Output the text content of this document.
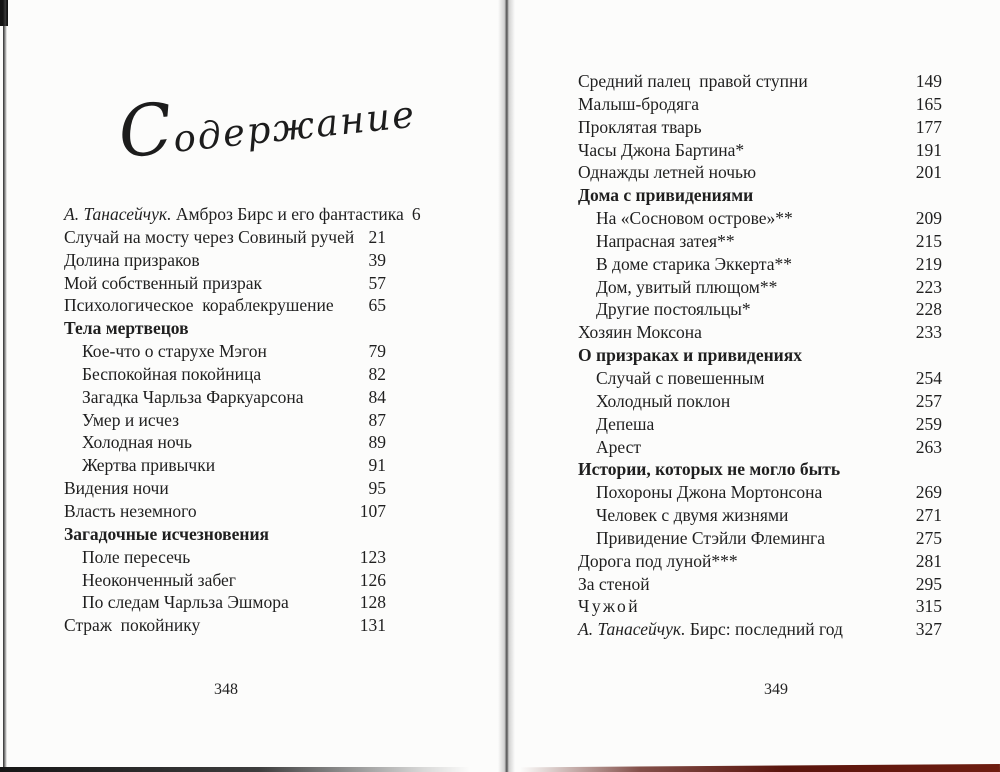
Содержание
А. Танасейчук. Амброз Бирс и его фантастика 6
Случай на мосту через Совиный ручей 21
Долина призраков	39
Мой собственный призрак	57
Психологическое  кораблекрушение	65
Тела мертвецов
Кое-что о старухе Мэгон	79
Беспокойная покойница	82
Загадка Чарльза Фаркуарсона	84
Умер и исчез	87
Холодная ночь	89
Жертва привычки	91
Видения ночи	95
Власть неземного	107
Загадочные исчезновения
Поле пересечь	123
Неоконченный забег	126
По следам Чарльза Эшмора	128
Страж  покойнику	131
348
Средний палец  правой ступни	149
Малыш-бродяга	165
Проклятая тварь	177
Часы Джона Бартина*	191
Однажды летней ночью	201
Дома с привидениями
На «Сосновом острове»**	209
Напрасная затея**	215
В доме старика Эккерта**	219
Дом, увитый плющом**	223
Другие постояльцы*	228
Хозяин Моксона	233
О призраках и привидениях
Случай с повешенным	254
Холодный поклон	257
Депеша	259
Арест	263
Истории, которых не могло быть
Похороны Джона Мортонсона	269
Человек с двумя жизнями	271
Привидение Стэйли Флеминга	275
Дорога под луной***	281
За стеной	295
Чужой	315
А. Танасейчук. Бирс: последний год	327
349
